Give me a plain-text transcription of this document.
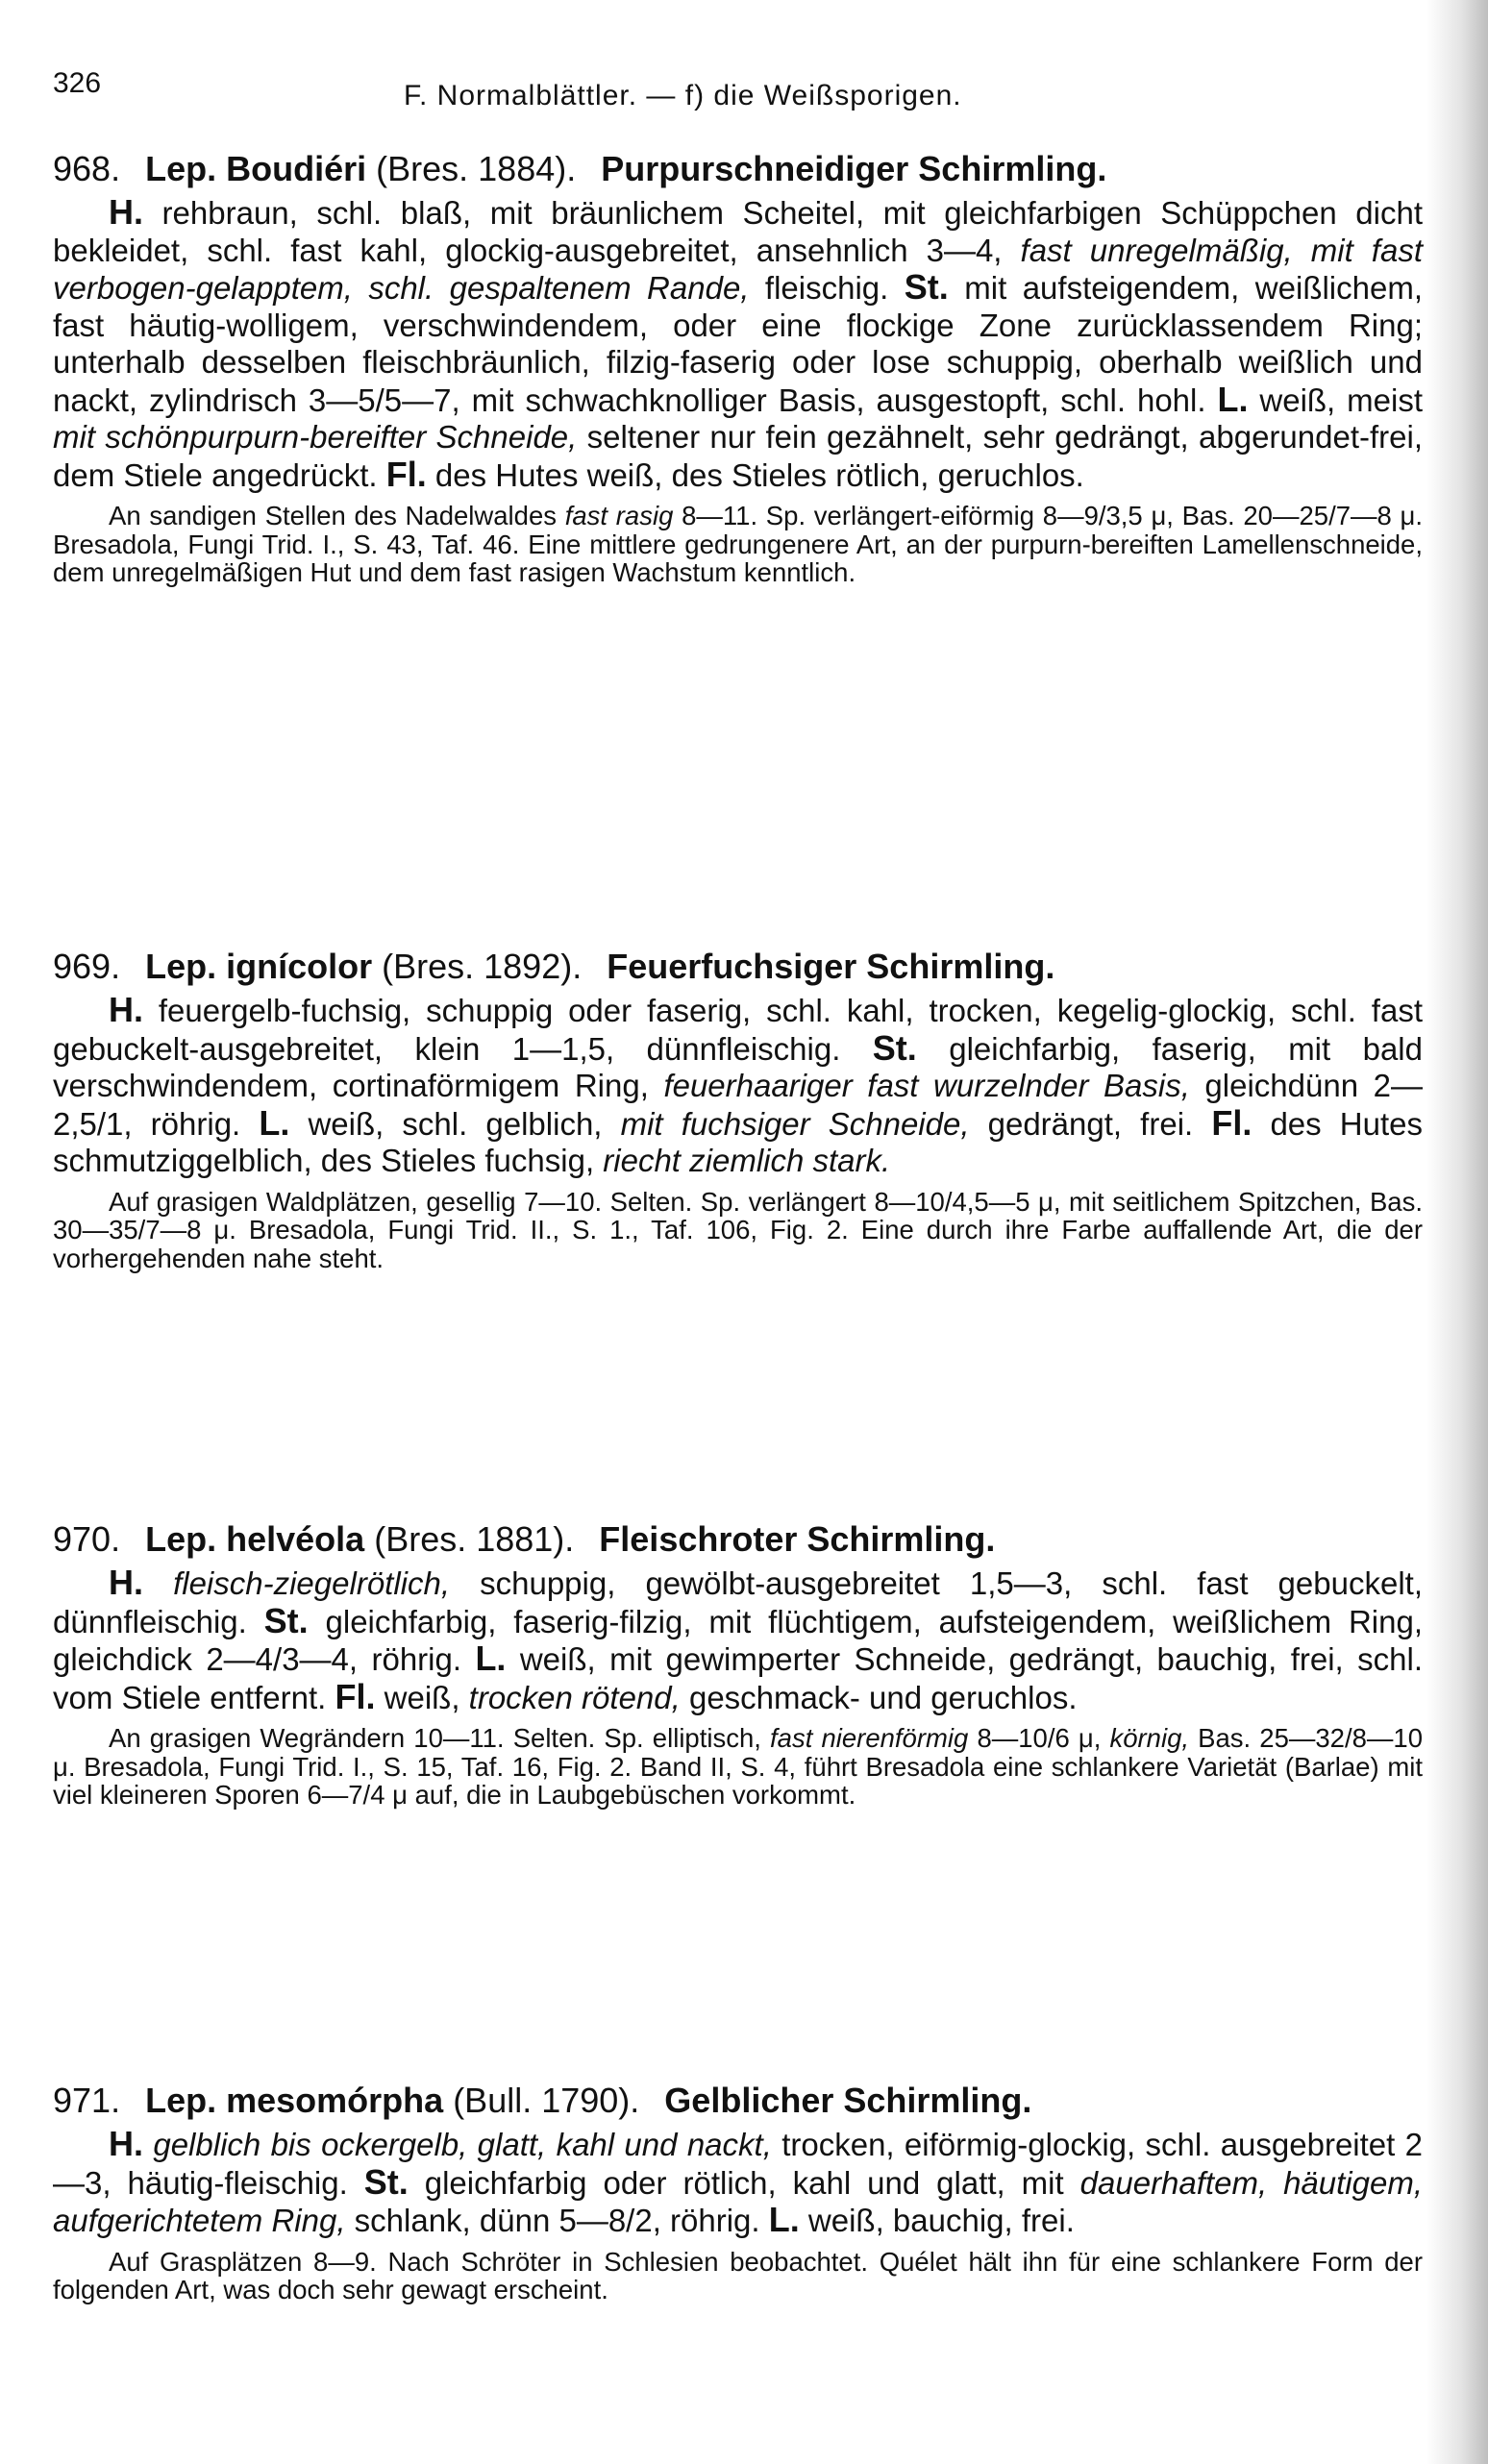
326	F. Normalblättler. — f) die Weißsporigen.
968. Lep. Boudiéri (Bres. 1884). Purpurschneidiger Schirmling.

H. rehbraun, schl. blaß, mit bräunlichem Scheitel, mit gleichfarbigen Schüppchen dicht bekleidet, schl. fast kahl, glockig-ausgebreitet, ansehnlich 3—4, fast unregelmäßig, mit fast verbogen-gelapptem, schl. gespaltenem Rande, fleischig. St. mit aufsteigendem, weißlichem, fast häutig-wolligem, verschwindendem, oder eine flockige Zone zurücklassendem Ring; unterhalb desselben fleischbräunlich, filzig-faserig oder lose schuppig, oberhalb weißlich und nackt, zylindrisch 3—5/5—7, mit schwachknolliger Basis, ausgestopft, schl. hohl. L. weiß, meist mit schönpurpurn-bereifter Schneide, seltener nur fein gezähnelt, sehr gedrängt, abgerundet-frei, dem Stiele angedrückt. Fl. des Hutes weiß, des Stieles rötlich, geruchlos.

An sandigen Stellen des Nadelwaldes fast rasig 8—11. Sp. verlängert-eiförmig 8—9/3,5 μ, Bas. 20—25/7—8 μ. Bresadola, Fungi Trid. I., S. 43, Taf. 46. Eine mittlere gedrungenere Art, an der purpurn-bereiften Lamellenschneide, dem unregelmäßigen Hut und dem fast rasigen Wachstum kenntlich.

969. Lep. ignícolor (Bres. 1892). Feuerfuchsiger Schirmling.

H. feuergelb-fuchsig, schuppig oder faserig, schl. kahl, trocken, kegelig-glockig, schl. fast gebuckelt-ausgebreitet, klein 1—1,5, dünnfleischig. St. gleichfarbig, faserig, mit bald verschwindendem, cortinaförmigem Ring, feuerhaariger fast wurzelnder Basis, gleichdünn 2—2,5/1, röhrig. L. weiß, schl. gelblich, mit fuchsiger Schneide, gedrängt, frei. Fl. des Hutes schmutziggelblich, des Stieles fuchsig, riecht ziemlich stark.

Auf grasigen Waldplätzen, gesellig 7—10. Selten. Sp. verlängert 8—10/4,5—5 μ, mit seitlichem Spitzchen, Bas. 30—35/7—8 μ. Bresadola, Fungi Trid. II., S. 1., Taf. 106, Fig. 2. Eine durch ihre Farbe auffallende Art, die der vorhergehenden nahe steht.

970. Lep. helvéola (Bres. 1881). Fleischroter Schirmling.

H. fleisch-ziegelrötlich, schuppig, gewölbt-ausgebreitet 1,5—3, schl. fast gebuckelt, dünnfleischig. St. gleichfarbig, faserig-filzig, mit flüchtigem, aufsteigendem, weißlichem Ring, gleichdick 2—4/3—4, röhrig. L. weiß, mit gewimperter Schneide, gedrängt, bauchig, frei, schl. vom Stiele entfernt. Fl. weiß, trocken rötend, geschmack- und geruchlos.

An grasigen Wegrändern 10—11. Selten. Sp. elliptisch, fast nierenförmig 8—10/6 μ, körnig, Bas. 25—32/8—10 μ. Bresadola, Fungi Trid. I., S. 15, Taf. 16, Fig. 2. Band II, S. 4, führt Bresadola eine schlankere Varietät (Barlae) mit viel kleineren Sporen 6—7/4 μ auf, die in Laubgebüschen vorkommt.

971. Lep. mesomórpha (Bull. 1790). Gelblicher Schirmling.

H. gelblich bis ockergelb, glatt, kahl und nackt, trocken, eiförmig-glockig, schl. ausgebreitet 2—3, häutig-fleischig. St. gleichfarbig oder rötlich, kahl und glatt, mit dauerhaftem, häutigem, aufgerichtetem Ring, schlank, dünn 5—8/2, röhrig. L. weiß, bauchig, frei.

Auf Grasplätzen 8—9. Nach Schröter in Schlesien beobachtet. Quélet hält ihn für eine schlankere Form der folgenden Art, was doch sehr gewagt erscheint.
